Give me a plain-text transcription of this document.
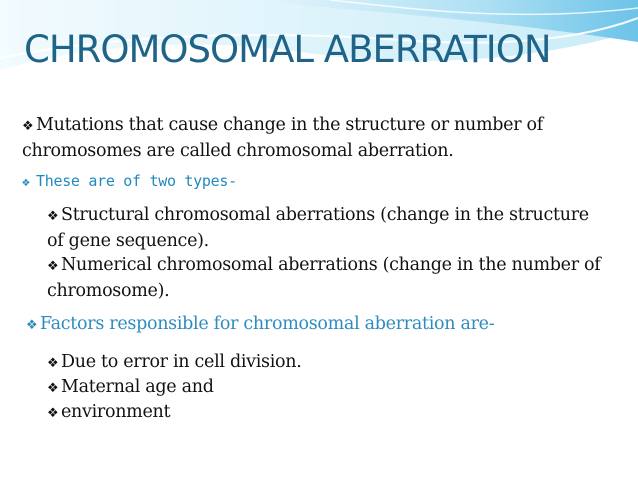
CHROMOSOMAL ABERRATION

❖ Mutations that cause change in the structure or number of chromosomes are called chromosomal aberration.

❖ These are of two types-

❖ Structural chromosomal aberrations (change in the structure of gene sequence).

❖ Numerical chromosomal aberrations (change in the number of chromosome).

❖ Factors responsible for chromosomal aberration are-

❖ Due to error in cell division.

❖ Maternal age and

❖ environment
